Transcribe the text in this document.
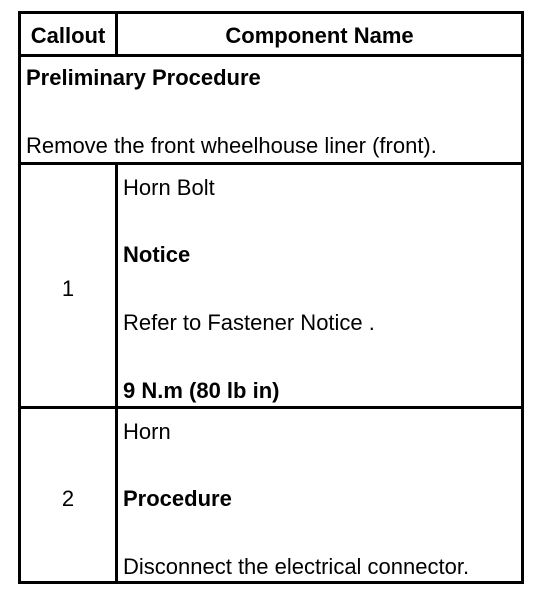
Callout	Component Name
Preliminary Procedure
Remove the front wheelhouse liner (front).
1
Horn Bolt
Notice
Refer to Fastener Notice .
9 N.m (80 lb in)
2
Horn
Procedure
Disconnect the electrical connector.
